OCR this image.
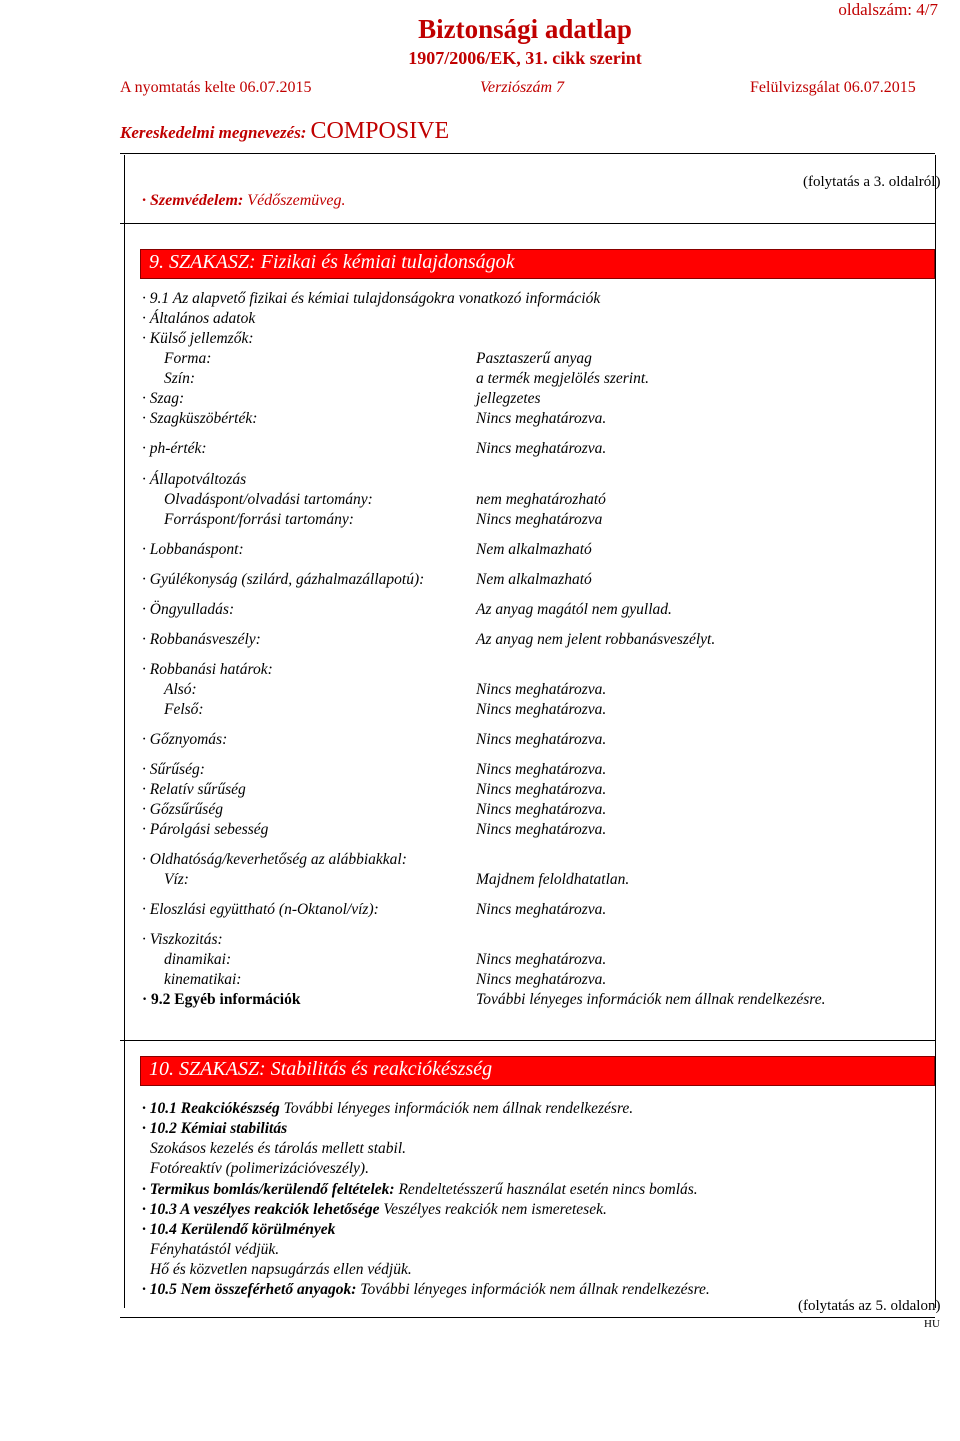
oldalszám: 4/7
Biztonsági adatlap
1907/2006/EK, 31. cikk szerint
A nyomtatás kelte 06.07.2015	Verziószám 7	Felülvizsgálat 06.07.2015
Kereskedelmi megnevezés: COMPOSIVE
(folytatás a 3. oldalról)
· Szemvédelem: Védőszemüveg.
9. SZAKASZ: Fizikai és kémiai tulajdonságok
· 9.1 Az alapvető fizikai és kémiai tulajdonságokra vonatkozó információk
· Általános adatok
· Külső jellemzők:
Forma:	Pasztaszerű anyag
Szín:	a termék megjelölés szerint.
· Szag:	jellegzetes
· Szagküszöbérték:	Nincs meghatározva.
· ph-érték:	Nincs meghatározva.
· Állapotváltozás
Olvadáspont/olvadási tartomány:	nem meghatározható
Forráspont/forrási tartomány:	Nincs meghatározva
· Lobbanáspont:	Nem alkalmazható
· Gyúlékonyság (szilárd, gázhalmazállapotú):	Nem alkalmazható
· Öngyulladás:	Az anyag magától nem gyullad.
· Robbanásveszély:	Az anyag nem jelent robbanásveszélyt.
· Robbanási határok:
Alsó:	Nincs meghatározva.
Felső:	Nincs meghatározva.
· Gőznyomás:	Nincs meghatározva.
· Sűrűség:	Nincs meghatározva.
· Relatív sűrűség	Nincs meghatározva.
· Gőzsűrűség	Nincs meghatározva.
· Párolgási sebesség	Nincs meghatározva.
· Oldhatóság/keverhetőség az alábbiakkal:
Víz:	Majdnem feloldhatatlan.
· Eloszlási együttható (n-Oktanol/víz):	Nincs meghatározva.
· Viszkozitás:
dinamikai:	Nincs meghatározva.
kinematikai:	Nincs meghatározva.
· 9.2 Egyéb információk	További lényeges információk nem állnak rendelkezésre.
10. SZAKASZ: Stabilitás és reakciókészség
· 10.1 Reakciókészség További lényeges információk nem állnak rendelkezésre.
· 10.2 Kémiai stabilitás
Szokásos kezelés és tárolás mellett stabil.
Fotóreaktív (polimerizációveszély).
· Termikus bomlás/kerülendő feltételek: Rendeltetésszerű használat esetén nincs bomlás.
· 10.3 A veszélyes reakciók lehetősége Veszélyes reakciók nem ismeretesek.
· 10.4 Kerülendő körülmények
Fényhatástól védjük.
Hő és közvetlen napsugárzás ellen védjük.
· 10.5 Nem összeférhető anyagok: További lényeges információk nem állnak rendelkezésre.
(folytatás az 5. oldalon)
HU
